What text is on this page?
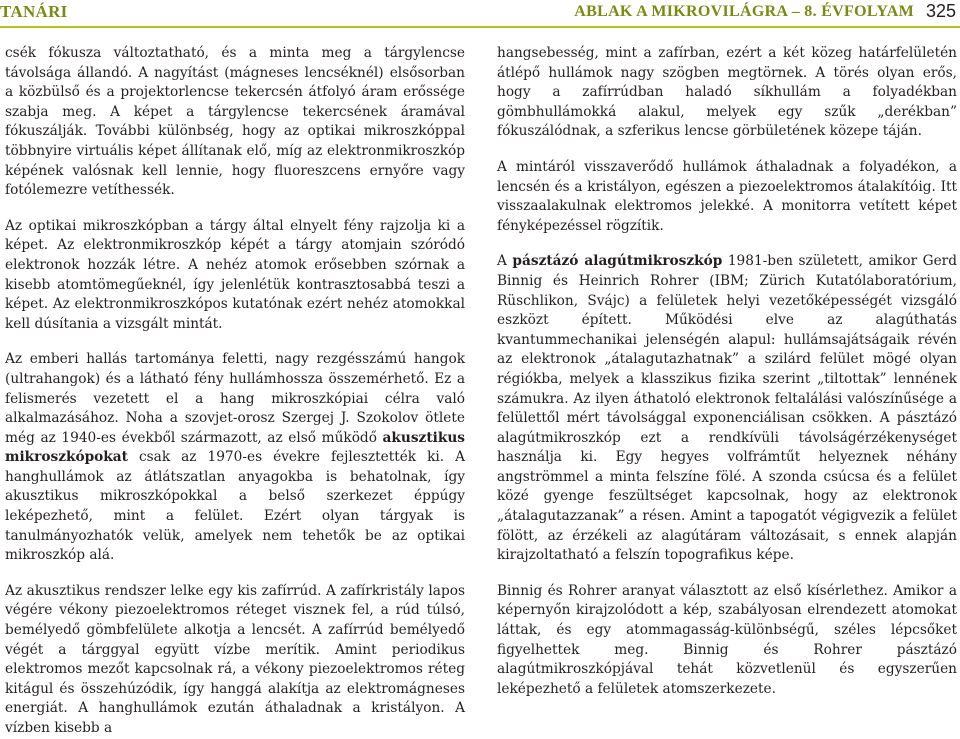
TANÁRI	ABLAK A MIKROVILÁGRA – 8. ÉVFOLYAM 325

csék fókusza változtatható, és a minta meg a tárgylencse távolsága állandó. A nagyítást (mágneses lencséknél) elsősorban a közbülső és a projektorlencse tekercsén átfolyó áram erőssége szabja meg. A képet a tárgylencse tekercsének áramával fókuszálják. További különbség, hogy az optikai mikroszkóppal többnyire virtuális képet állítanak elő, míg az elektronmikroszkóp képének valósnak kell lennie, hogy fluoreszcens ernyőre vagy fotólemezre vetíthessék.

Az optikai mikroszkópban a tárgy által elnyelt fény rajzolja ki a képet. Az elektronmikroszkóp képét a tárgy atomjain szóródó elektronok hozzák létre. A nehéz atomok erősebben szórnak a kisebb atomtömegűeknél, így jelenlétük kontrasztosabbá teszi a képet. Az elektronmikroszkópos kutatónak ezért nehéz atomokkal kell dúsítania a vizsgált mintát.

Az emberi hallás tartománya feletti, nagy rezgésszámú hangok (ultrahangok) és a látható fény hullámhossza összemérhető. Ez a felismerés vezetett el a hang mikroszkópiai célra való alkalmazásához. Noha a szovjet-orosz Szergej J. Szokolov ötlete még az 1940-es évekből származott, az első működő akusztikus mikroszkópokat csak az 1970-es évekre fejlesztették ki. A hanghullámok az átlátszatlan anyagokba is behatolnak, így akusztikus mikroszkópokkal a belső szerkezet éppúgy leképezhető, mint a felület. Ezért olyan tárgyak is tanulmányozhatók velük, amelyek nem tehetők be az optikai mikroszkóp alá.

Az akusztikus rendszer lelke egy kis zafírrúd. A zafírkristály lapos végére vékony piezoelektromos réteget visznek fel, a rúd túlsó, bemélyedő gömbfelülete alkotja a lencsét. A zafírrúd bemélyedő végét a tárggyal együtt vízbe merítik. Amint periodikus elektromos mezőt kapcsolnak rá, a vékony piezoelektromos réteg kitágul és összehúzódik, így hanggá alakítja az elektromágneses energiát. A hanghullámok ezután áthaladnak a kristályon. A vízben kisebb a

hangsebesség, mint a zafírban, ezért a két közeg határfelületén átlépő hullámok nagy szögben megtörnek. A törés olyan erős, hogy a zafírrúdban haladó síkhullám a folyadékban gömbhullámokká alakul, melyek egy szűk „derékban” fókuszálódnak, a szferikus lencse görbületének közepe táján.

A mintáról visszaverődő hullámok áthaladnak a folyadékon, a lencsén és a kristályon, egészen a piezoelektromos átalakítóig. Itt visszaalakulnak elektromos jelekké. A monitorra vetített képet fényképezéssel rögzítik.

A pásztázó alagútmikroszkóp 1981-ben született, amikor Gerd Binnig és Heinrich Rohrer (IBM; Zürich Kutatólaboratórium, Rüschlikon, Svájc) a felületek helyi vezetőképességét vizsgáló eszközt épített. Működési elve az alagúthatás kvantummechanikai jelenségén alapul: hullámsajátságaik révén az elektronok „átalagutazhatnak” a szilárd felület mögé olyan régiókba, melyek a klasszikus fizika szerint „tiltottak” lennének számukra. Az ilyen áthatoló elektronok feltalálási valószínűsége a felülettől mért távolsággal exponenciálisan csökken. A pásztázó alagútmikroszkóp ezt a rendkívüli távolságérzékenységet használja ki. Egy hegyes volfrámtűt helyeznek néhány angströmmel a minta felszíne fölé. A szonda csúcsa és a felület közé gyenge feszültséget kapcsolnak, hogy az elektronok „átalagutazzanak” a résen. Amint a tapogatót végigvezik a felület fölött, az érzékeli az alagútáram változásait, s ennek alapján kirajzoltatható a felszín topografikus képe.

Binnig és Rohrer aranyat választott az első kísérlethez. Amikor a képernyőn kirajzolódott a kép, szabályosan elrendezett atomokat láttak, és egy atommagasság-különbségű, széles lépcsőket figyelhettek meg. Binnig és Rohrer pásztázó alagútmikroszkópjával tehát közvetlenül és egyszerűen leképezhető a felületek atomszerkezete.
